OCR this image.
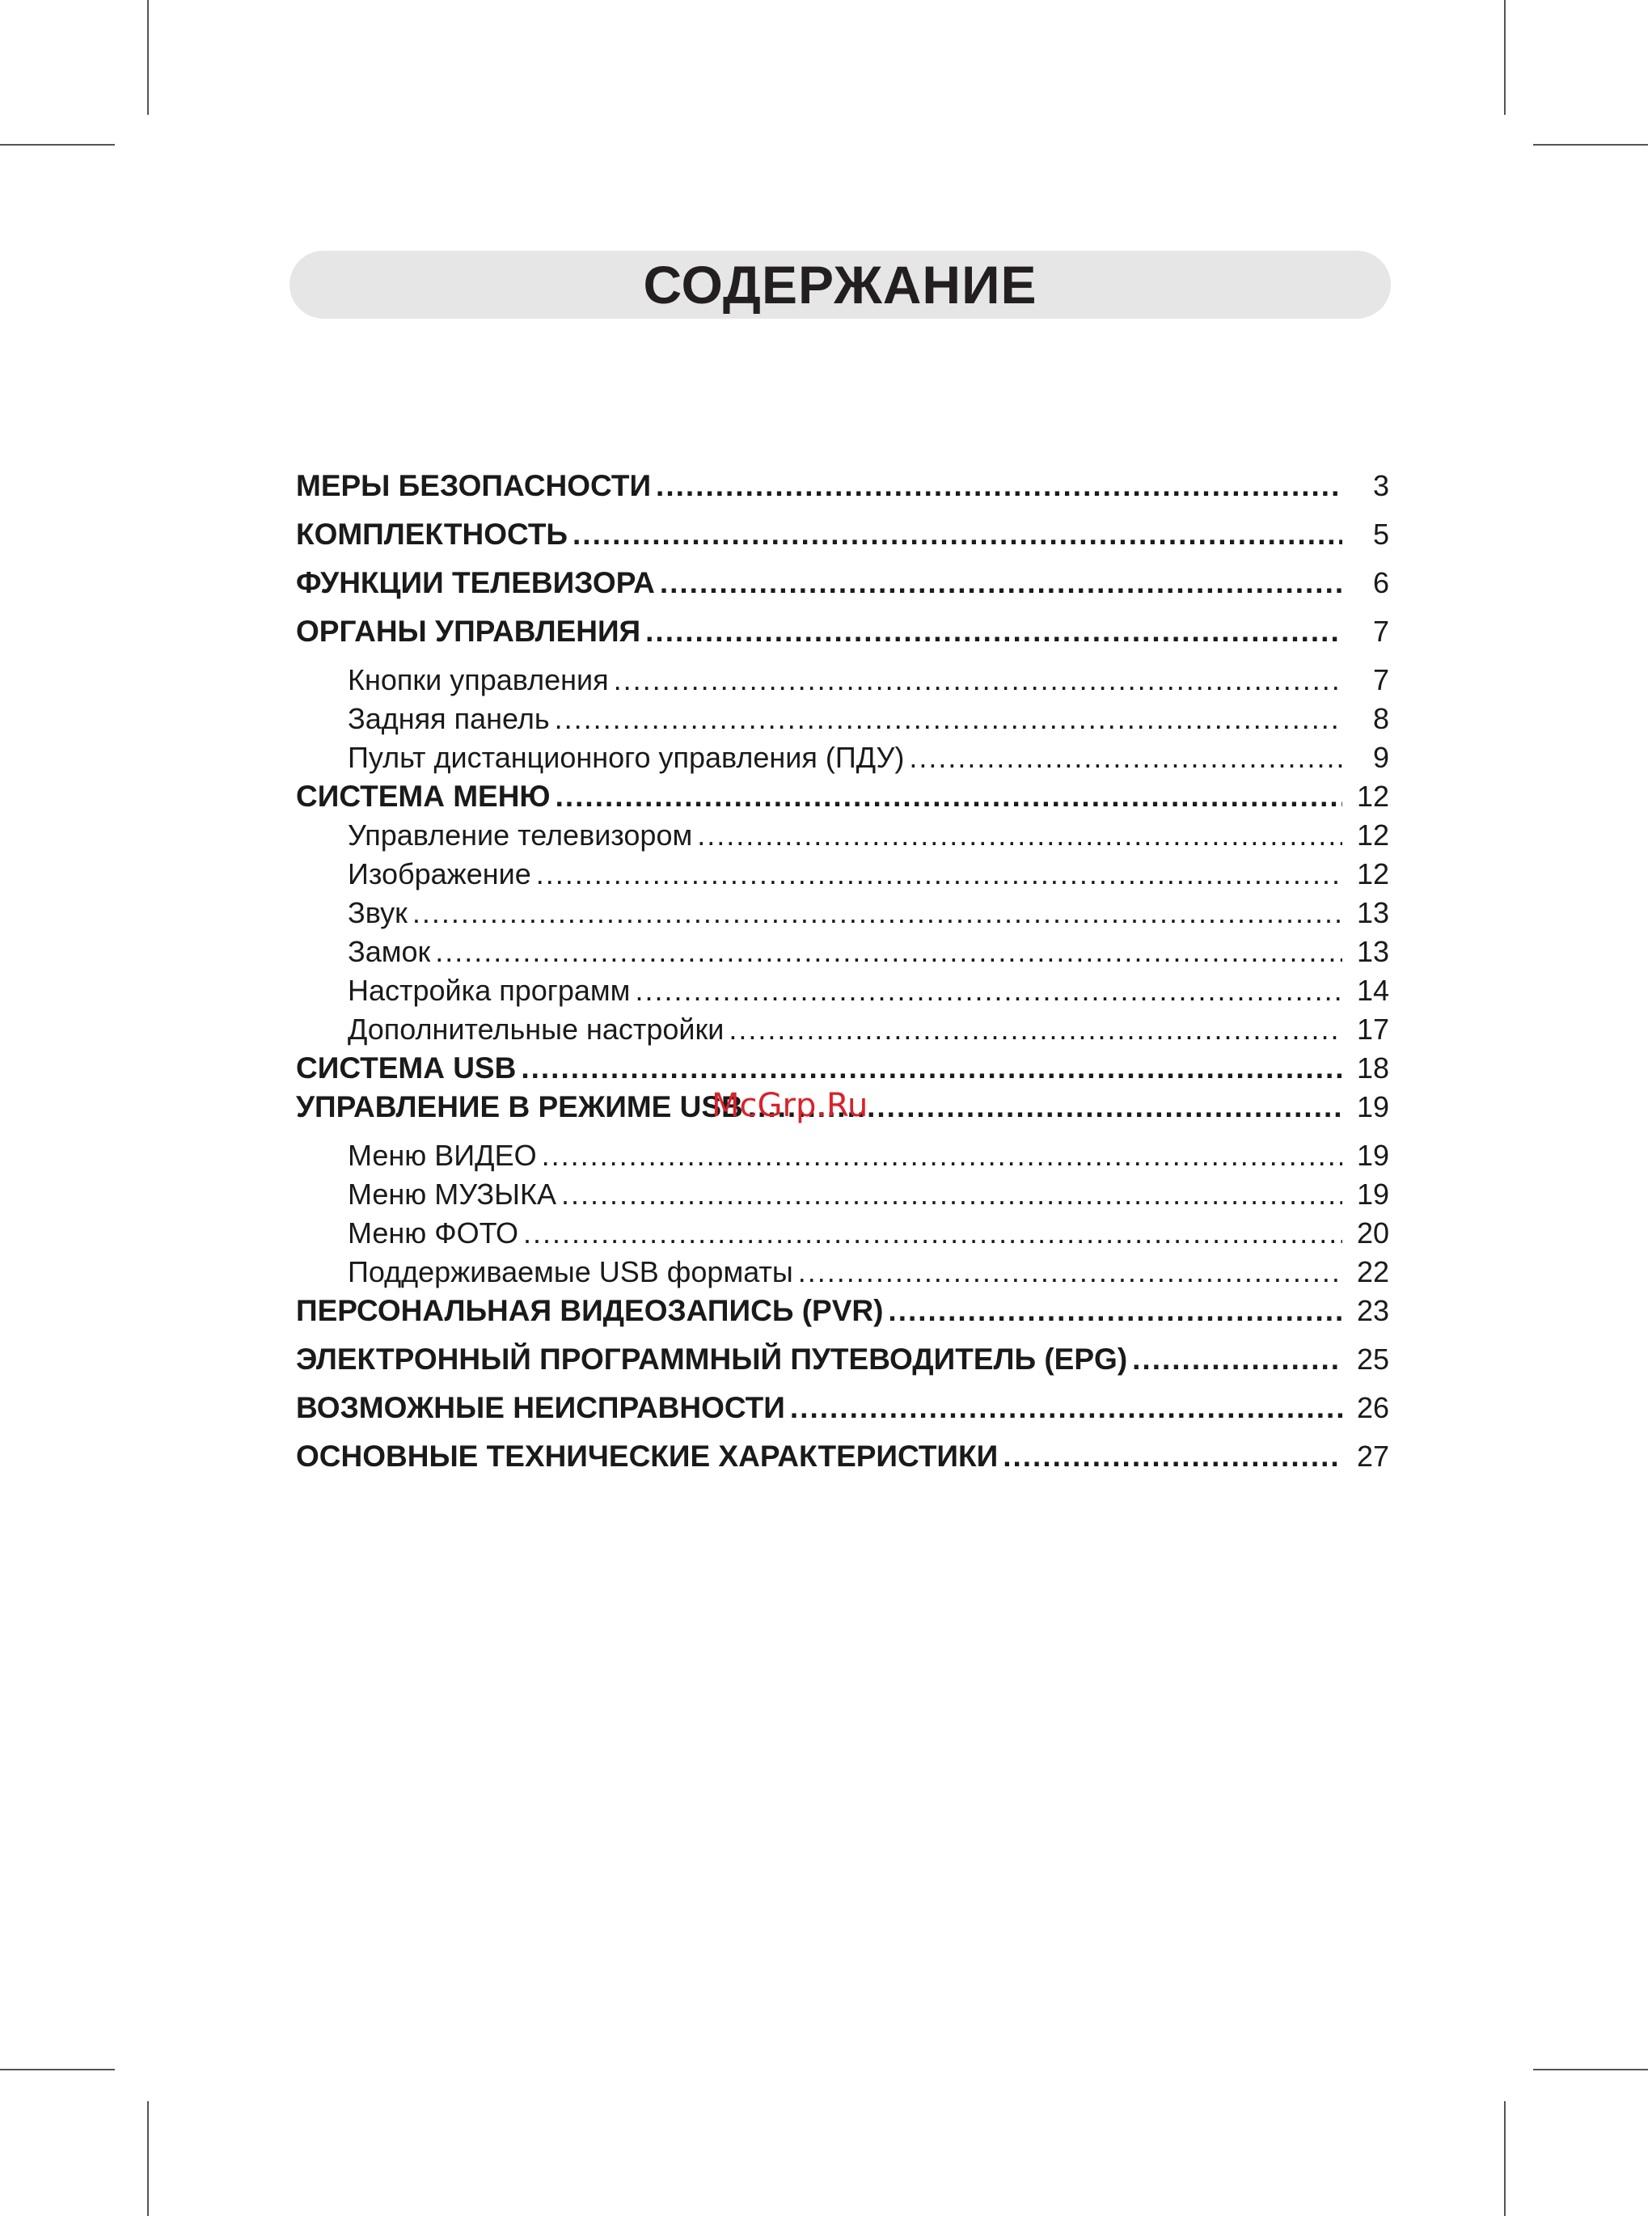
СОДЕРЖАНИЕ
МЕРЫ БЕЗОПАСНОСТИ .....	3
КОМПЛЕКТНОСТЬ .....	5
ФУНКЦИИ ТЕЛЕВИЗОРА .....	6
ОРГАНЫ УПРАВЛЕНИЯ .....	7
Кнопки управления .....	7
Задняя панель .....	8
Пульт дистанционного управления (ПДУ) .....	9
СИСТЕМА МЕНЮ .....	12
Управление телевизором .....	12
Изображение .....	12
Звук .....	13
Замок .....	13
Настройка программ .....	14
Дополнительные настройки .....	17
СИСТЕМА USB .....	18
УПРАВЛЕНИЕ В РЕЖИМЕ USB .....	19
Меню ВИДЕО .....	19
Меню МУЗЫКА .....	19
Меню ФОТО .....	20
Поддерживаемые USB форматы .....	22
ПЕРСОНАЛЬНАЯ ВИДЕОЗАПИСЬ (PVR) .....	23
ЭЛЕКТРОННЫЙ ПРОГРАММНЫЙ ПУТЕВОДИТЕЛЬ (EPG) .....	25
ВОЗМОЖНЫЕ НЕИСПРАВНОСТИ .....	26
ОСНОВНЫЕ ТЕХНИЧЕСКИЕ ХАРАКТЕРИСТИКИ .....	27
McGrp.Ru
